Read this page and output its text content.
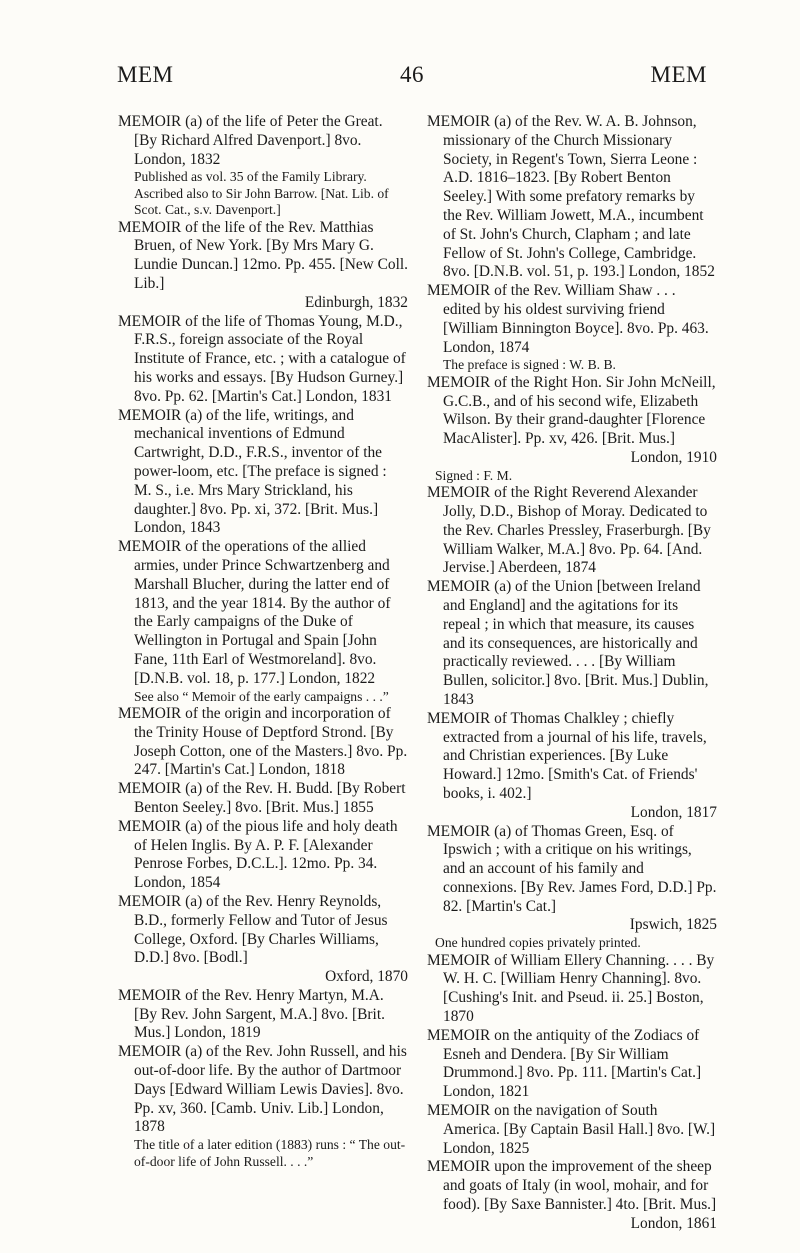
MEM	46	MEM
MEMOIR (a) of the life of Peter the Great. [By Richard Alfred Davenport.] 8vo. London, 1832
Published as vol. 35 of the Family Library.
Ascribed also to Sir John Barrow. [Nat. Lib. of Scot. Cat., s.v. Davenport.]
MEMOIR of the life of the Rev. Matthias Bruen, of New York. [By Mrs Mary G. Lundie Duncan.] 12mo. Pp. 455. [New Coll. Lib.]
Edinburgh, 1832
MEMOIR of the life of Thomas Young, M.D., F.R.S., foreign associate of the Royal Institute of France, etc. ; with a catalogue of his works and essays. [By Hudson Gurney.] 8vo. Pp. 62. [Martin's Cat.] London, 1831
MEMOIR (a) of the life, writings, and mechanical inventions of Edmund Cartwright, D.D., F.R.S., inventor of the power-loom, etc. [The preface is signed : M. S., i.e. Mrs Mary Strickland, his daughter.] 8vo. Pp. xi, 372. [Brit. Mus.] London, 1843
MEMOIR of the operations of the allied armies, under Prince Schwartzenberg and Marshall Blucher, during the latter end of 1813, and the year 1814. By the author of the Early campaigns of the Duke of Wellington in Portugal and Spain [John Fane, 11th Earl of Westmoreland]. 8vo. [D.N.B. vol. 18, p. 177.] London, 1822
See also “ Memoir of the early campaigns . . .”
MEMOIR of the origin and incorporation of the Trinity House of Deptford Strond. [By Joseph Cotton, one of the Masters.] 8vo. Pp. 247. [Martin's Cat.] London, 1818
MEMOIR (a) of the Rev. H. Budd. [By Robert Benton Seeley.] 8vo. [Brit. Mus.] 1855
MEMOIR (a) of the pious life and holy death of Helen Inglis. By A. P. F. [Alexander Penrose Forbes, D.C.L.]. 12mo. Pp. 34. London, 1854
MEMOIR (a) of the Rev. Henry Reynolds, B.D., formerly Fellow and Tutor of Jesus College, Oxford. [By Charles Williams, D.D.] 8vo. [Bodl.]
Oxford, 1870
MEMOIR of the Rev. Henry Martyn, M.A. [By Rev. John Sargent, M.A.] 8vo. [Brit. Mus.] London, 1819
MEMOIR (a) of the Rev. John Russell, and his out-of-door life. By the author of Dartmoor Days [Edward William Lewis Davies]. 8vo. Pp. xv, 360. [Camb. Univ. Lib.] London, 1878
The title of a later edition (1883) runs : “ The out-of-door life of John Russell. . . .”
MEMOIR (a) of the Rev. W. A. B. Johnson, missionary of the Church Missionary Society, in Regent's Town, Sierra Leone : A.D. 1816–1823. [By Robert Benton Seeley.] With some prefatory remarks by the Rev. William Jowett, M.A., incumbent of St. John's Church, Clapham ; and late Fellow of St. John's College, Cambridge. 8vo. [D.N.B. vol. 51, p. 193.] London, 1852
MEMOIR of the Rev. William Shaw . . . edited by his oldest surviving friend [William Binnington Boyce]. 8vo. Pp. 463. London, 1874
The preface is signed : W. B. B.
MEMOIR of the Right Hon. Sir John McNeill, G.C.B., and of his second wife, Elizabeth Wilson. By their grand-daughter [Florence MacAlister]. Pp. xv, 426. [Brit. Mus.]
London, 1910
Signed : F. M.
MEMOIR of the Right Reverend Alexander Jolly, D.D., Bishop of Moray. Dedicated to the Rev. Charles Pressley, Fraserburgh. [By William Walker, M.A.] 8vo. Pp. 64. [And. Jervise.] Aberdeen, 1874
MEMOIR (a) of the Union [between Ireland and England] and the agitations for its repeal ; in which that measure, its causes and its consequences, are historically and practically reviewed. . . . [By William Bullen, solicitor.] 8vo. [Brit. Mus.] Dublin, 1843
MEMOIR of Thomas Chalkley ; chiefly extracted from a journal of his life, travels, and Christian experiences. [By Luke Howard.] 12mo. [Smith's Cat. of Friends' books, i. 402.]
London, 1817
MEMOIR (a) of Thomas Green, Esq. of Ipswich ; with a critique on his writings, and an account of his family and connexions. [By Rev. James Ford, D.D.] Pp. 82. [Martin's Cat.]
Ipswich, 1825
One hundred copies privately printed.
MEMOIR of William Ellery Channing. . . . By W. H. C. [William Henry Channing]. 8vo. [Cushing's Init. and Pseud. ii. 25.] Boston, 1870
MEMOIR on the antiquity of the Zodiacs of Esneh and Dendera. [By Sir William Drummond.] 8vo. Pp. 111. [Martin's Cat.] London, 1821
MEMOIR on the navigation of South America. [By Captain Basil Hall.] 8vo. [W.] London, 1825
MEMOIR upon the improvement of the sheep and goats of Italy (in wool, mohair, and for food). [By Saxe Bannister.] 4to. [Brit. Mus.]
London, 1861
